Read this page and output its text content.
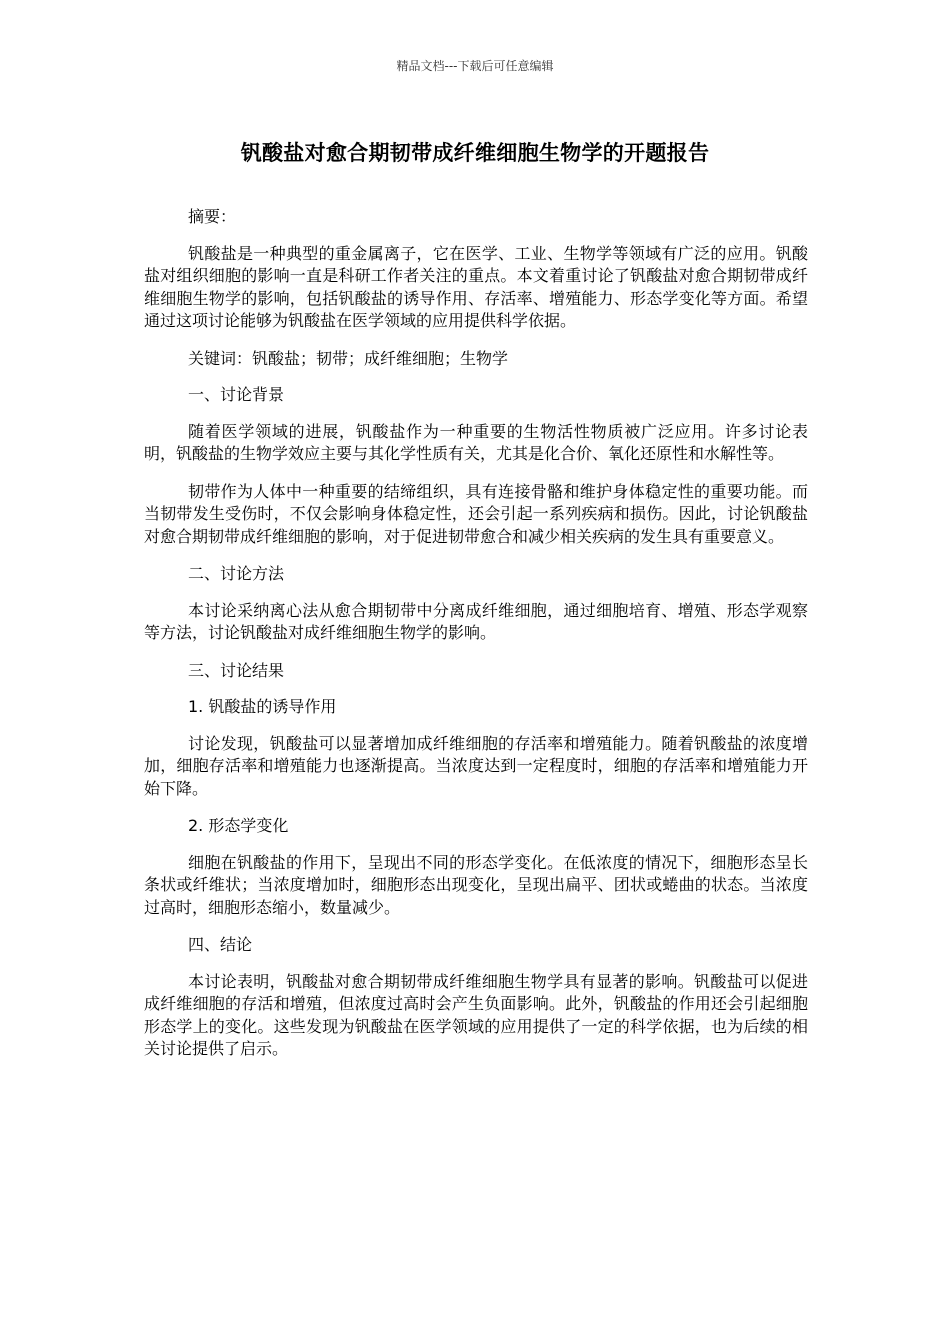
精品文档---下载后可任意编辑
钒酸盐对愈合期韧带成纤维细胞生物学的开题报告

摘要：

钒酸盐是一种典型的重金属离子，它在医学、工业、生物学等领域有广泛的应用。钒酸盐对组织细胞的影响一直是科研工作者关注的重点。本文着重讨论了钒酸盐对愈合期韧带成纤维细胞生物学的影响，包括钒酸盐的诱导作用、存活率、增殖能力、形态学变化等方面。希望通过这项讨论能够为钒酸盐在医学领域的应用提供科学依据。

关键词：钒酸盐；韧带；成纤维细胞；生物学

一、讨论背景

随着医学领域的进展，钒酸盐作为一种重要的生物活性物质被广泛应用。许多讨论表明，钒酸盐的生物学效应主要与其化学性质有关，尤其是化合价、氧化还原性和水解性等。

韧带作为人体中一种重要的结缔组织，具有连接骨骼和维护身体稳定性的重要功能。而当韧带发生受伤时，不仅会影响身体稳定性，还会引起一系列疾病和损伤。因此，讨论钒酸盐对愈合期韧带成纤维细胞的影响，对于促进韧带愈合和减少相关疾病的发生具有重要意义。

二、讨论方法

本讨论采纳离心法从愈合期韧带中分离成纤维细胞，通过细胞培育、增殖、形态学观察等方法，讨论钒酸盐对成纤维细胞生物学的影响。

三、讨论结果

1. 钒酸盐的诱导作用

讨论发现，钒酸盐可以显著增加成纤维细胞的存活率和增殖能力。随着钒酸盐的浓度增加，细胞存活率和增殖能力也逐渐提高。当浓度达到一定程度时，细胞的存活率和增殖能力开始下降。

2. 形态学变化

细胞在钒酸盐的作用下，呈现出不同的形态学变化。在低浓度的情况下，细胞形态呈长条状或纤维状；当浓度增加时，细胞形态出现变化，呈现出扁平、团状或蜷曲的状态。当浓度过高时，细胞形态缩小，数量减少。

四、结论

本讨论表明，钒酸盐对愈合期韧带成纤维细胞生物学具有显著的影响。钒酸盐可以促进成纤维细胞的存活和增殖，但浓度过高时会产生负面影响。此外，钒酸盐的作用还会引起细胞形态学上的变化。这些发现为钒酸盐在医学领域的应用提供了一定的科学依据，也为后续的相关讨论提供了启示。
